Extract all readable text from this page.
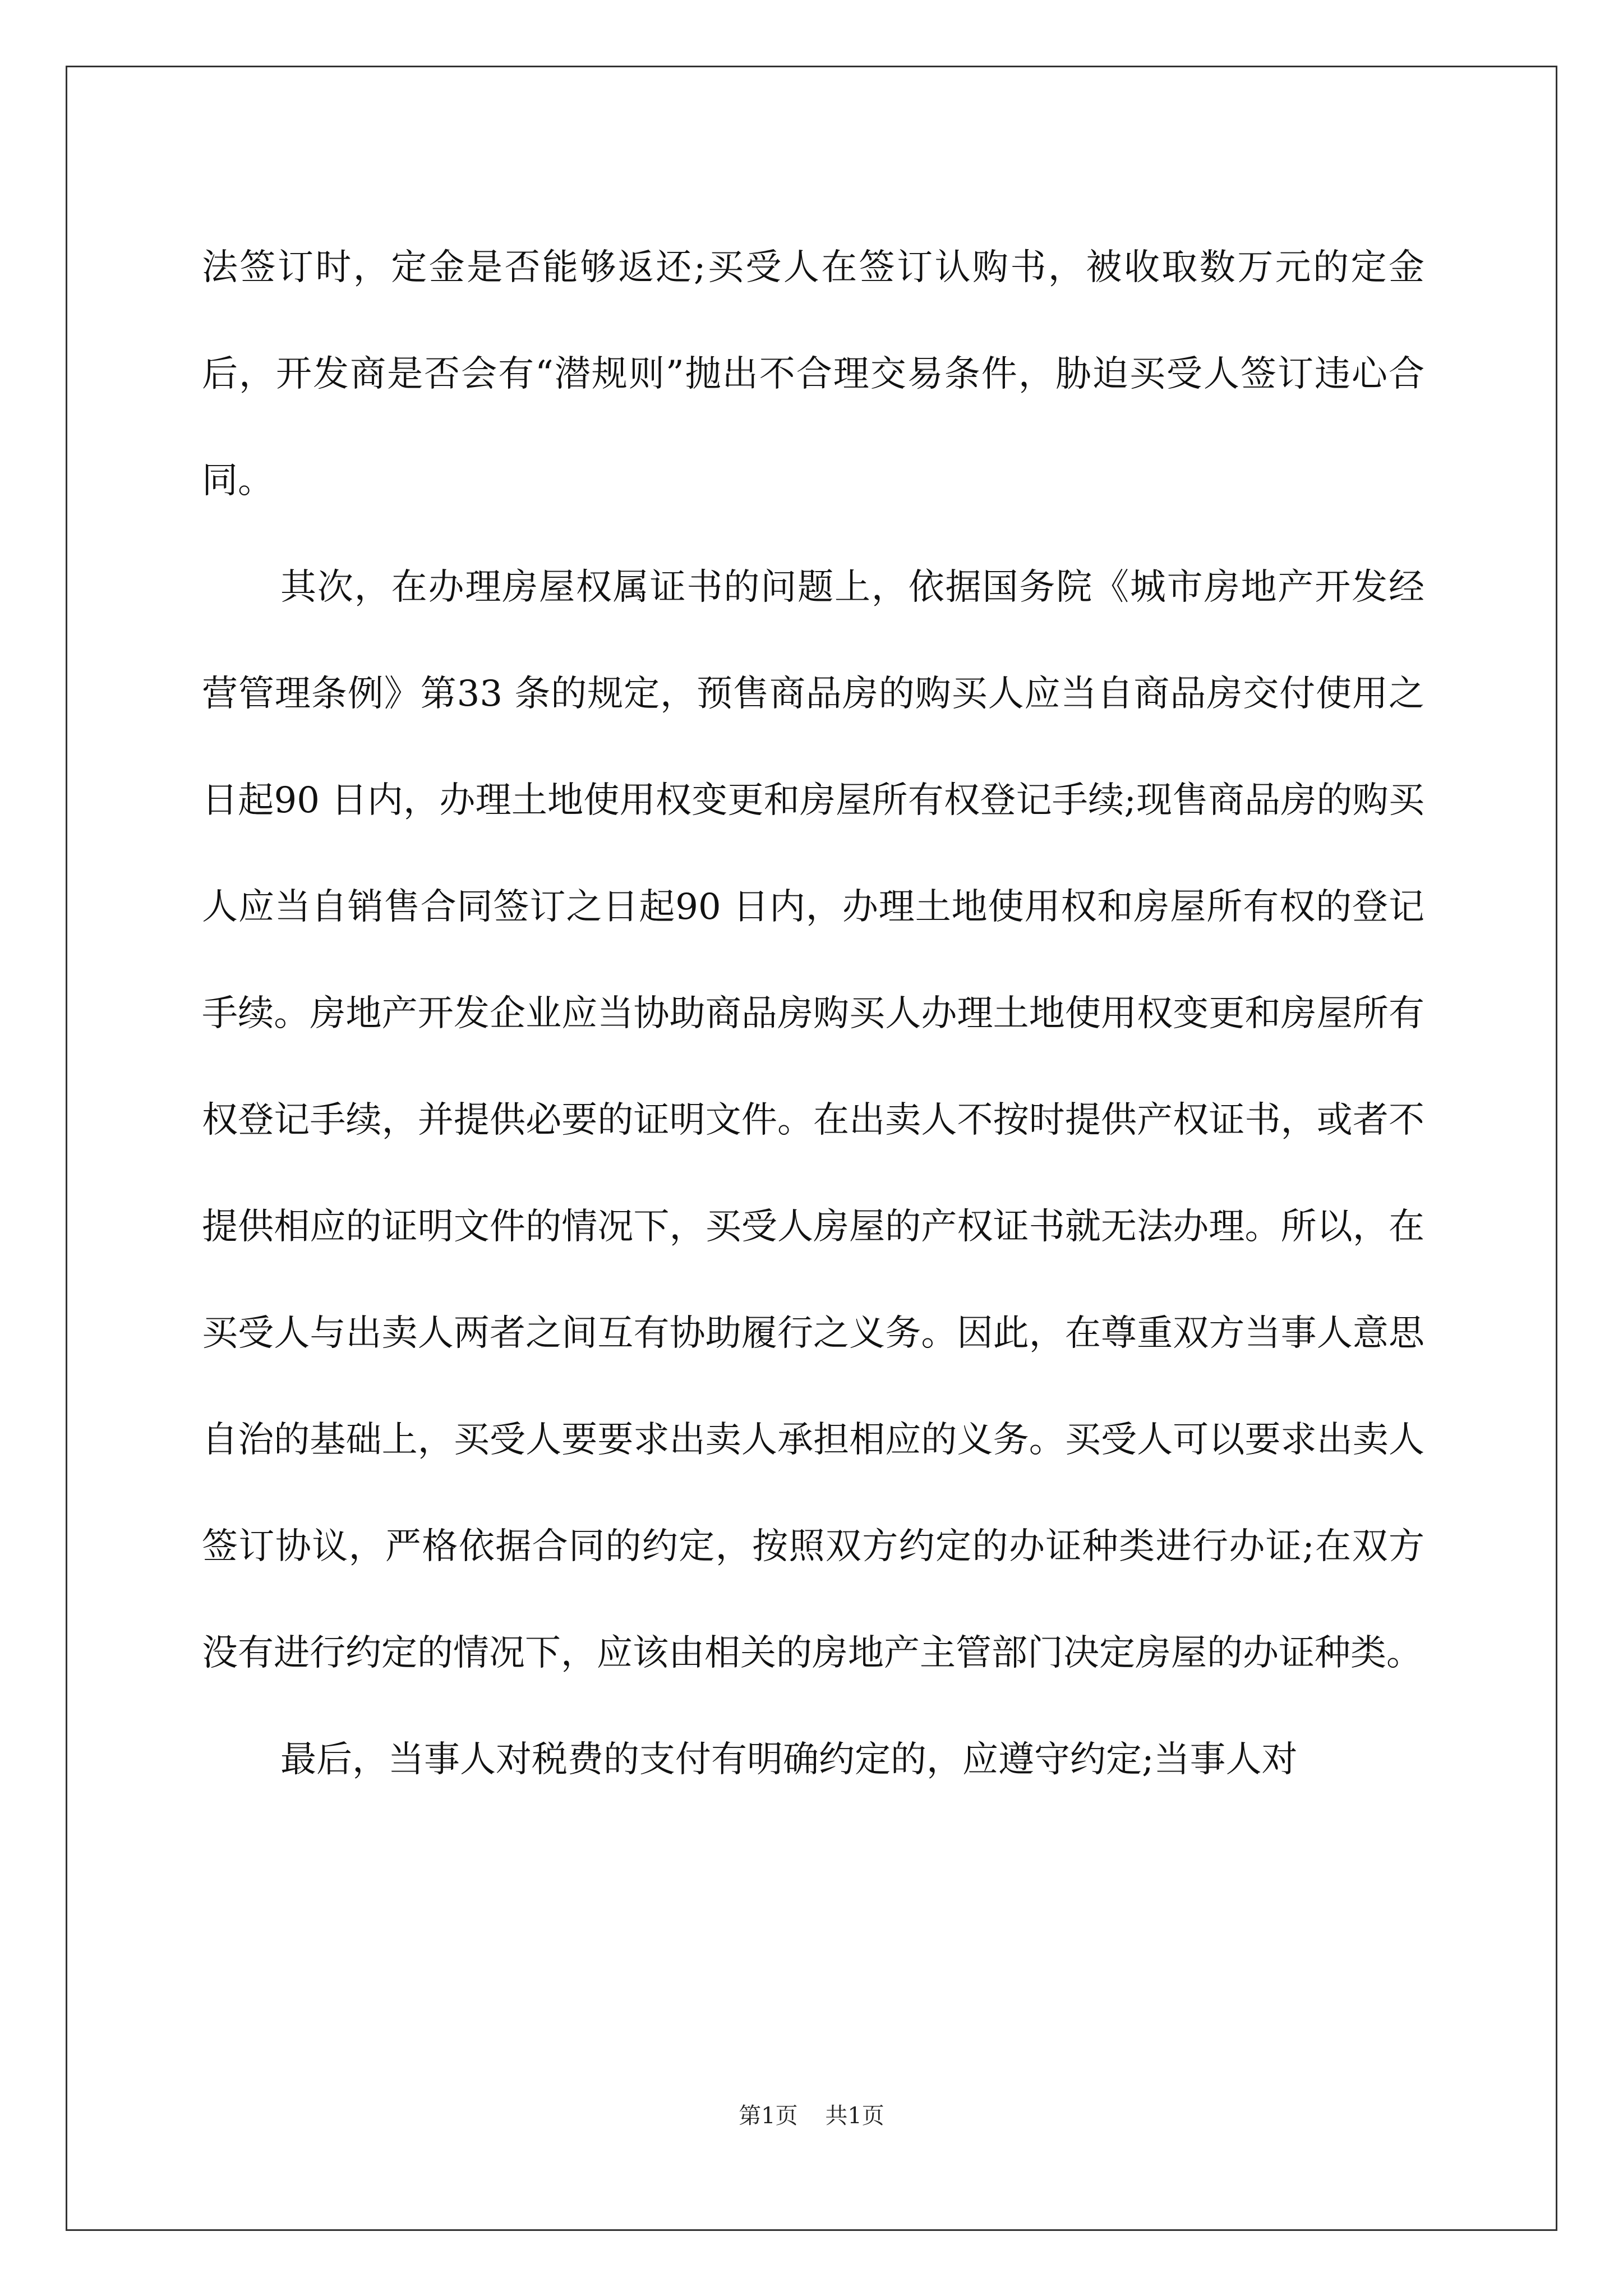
法签订时，定金是否能够返还;买受人在签订认购书，被收取数万元的定金后，开发商是否会有“潜规则”抛出不合理交易条件，胁迫买受人签订违心合同。

其次，在办理房屋权属证书的问题上，依据国务院《城市房地产开发经营管理条例》第33 条的规定，预售商品房的购买人应当自商品房交付使用之日起90 日内，办理土地使用权变更和房屋所有权登记手续;现售商品房的购买人应当自销售合同签订之日起90 日内，办理土地使用权和房屋所有权的登记手续。房地产开发企业应当协助商品房购买人办理土地使用权变更和房屋所有权登记手续，并提供必要的证明文件。在出卖人不按时提供产权证书，或者不提供相应的证明文件的情况下，买受人房屋的产权证书就无法办理。所以，在买受人与出卖人两者之间互有协助履行之义务。因此，在尊重双方当事人意思自治的基础上，买受人要要求出卖人承担相应的义务。买受人可以要求出卖人签订协议，严格依据合同的约定，按照双方约定的办证种类进行办证;在双方没有进行约定的情况下，应该由相关的房地产主管部门决定房屋的办证种类。

最后，当事人对税费的支付有明确约定的，应遵守约定;当事人对

第1页 共1页
